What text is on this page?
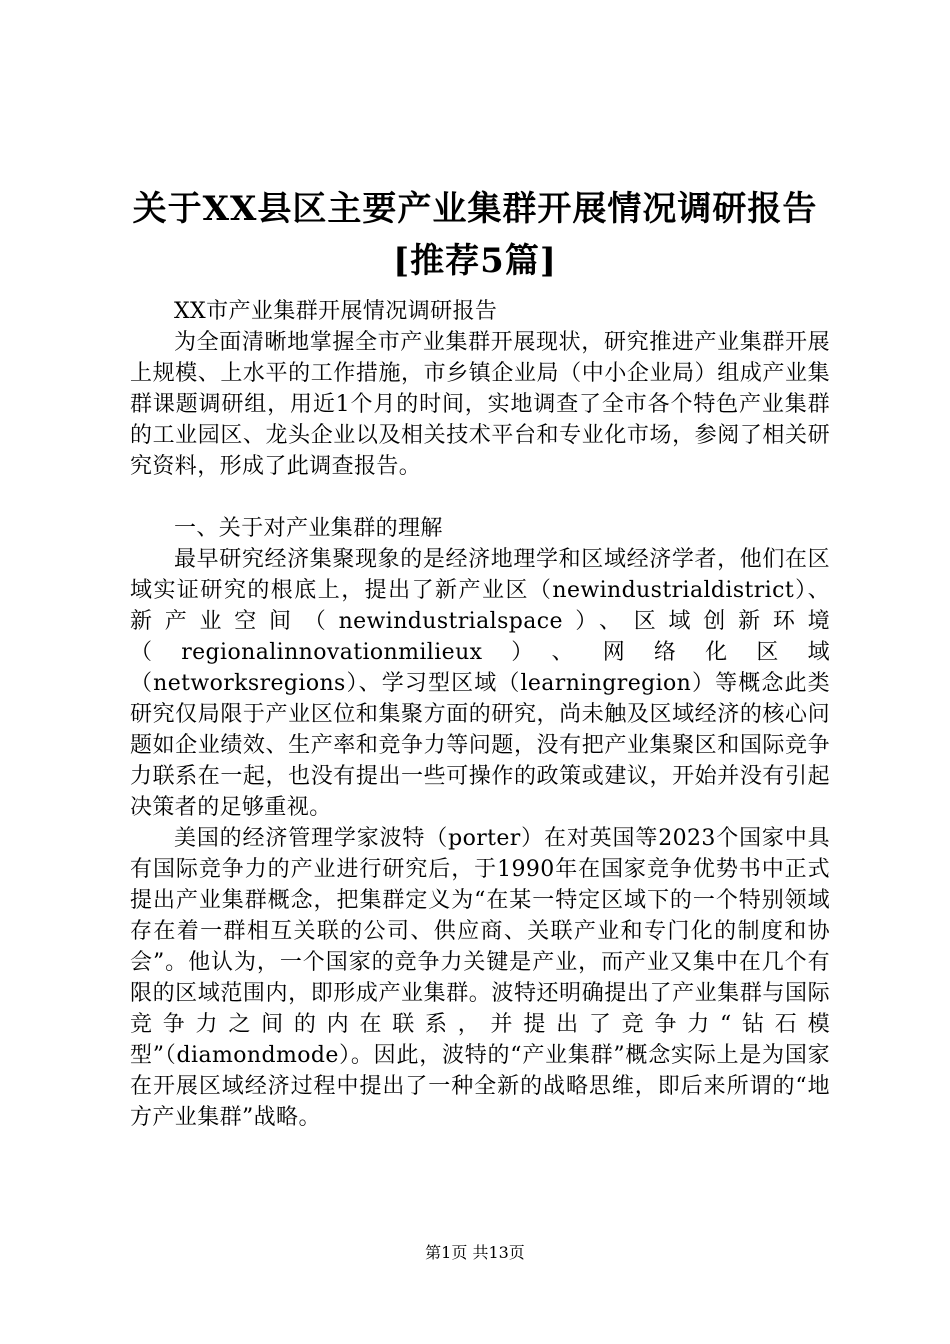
关于XX县区主要产业集群开展情况调研报告
[推荐5篇]

XX市产业集群开展情况调研报告

为全面清晰地掌握全市产业集群开展现状，研究推进产业集群开展上规模、上水平的工作措施，市乡镇企业局（中小企业局）组成产业集群课题调研组，用近1个月的时间，实地调查了全市各个特色产业集群的工业园区、龙头企业以及相关技术平台和专业化市场，参阅了相关研究资料，形成了此调查报告。

一、关于对产业集群的理解

最早研究经济集聚现象的是经济地理学和区域经济学者，他们在区域实证研究的根底上，提出了新产业区（newindustrialdistrict）、新产业空间（newindustrialspace）、区域创新环境（regionalinnovationmilieux）、网络化区域（networksregions）、学习型区域（learningregion）等概念此类研究仅局限于产业区位和集聚方面的研究，尚未触及区域经济的核心问题如企业绩效、生产率和竞争力等问题，没有把产业集聚区和国际竞争力联系在一起，也没有提出一些可操作的政策或建议，开始并没有引起决策者的足够重视。

美国的经济管理学家波特（porter）在对英国等2023个国家中具有国际竞争力的产业进行研究后，于1990年在国家竞争优势书中正式提出产业集群概念，把集群定义为“在某一特定区域下的一个特别领域存在着一群相互关联的公司、供应商、关联产业和专门化的制度和协会”。他认为，一个国家的竞争力关键是产业，而产业又集中在几个有限的区域范围内，即形成产业集群。波特还明确提出了产业集群与国际竞争力之间的内在联系，并提出了竞争力“钻石模型”（diamondmode）。因此，波特的“产业集群”概念实际上是为国家在开展区域经济过程中提出了一种全新的战略思维，即后来所谓的“地方产业集群”战略。

第1页 共13页
